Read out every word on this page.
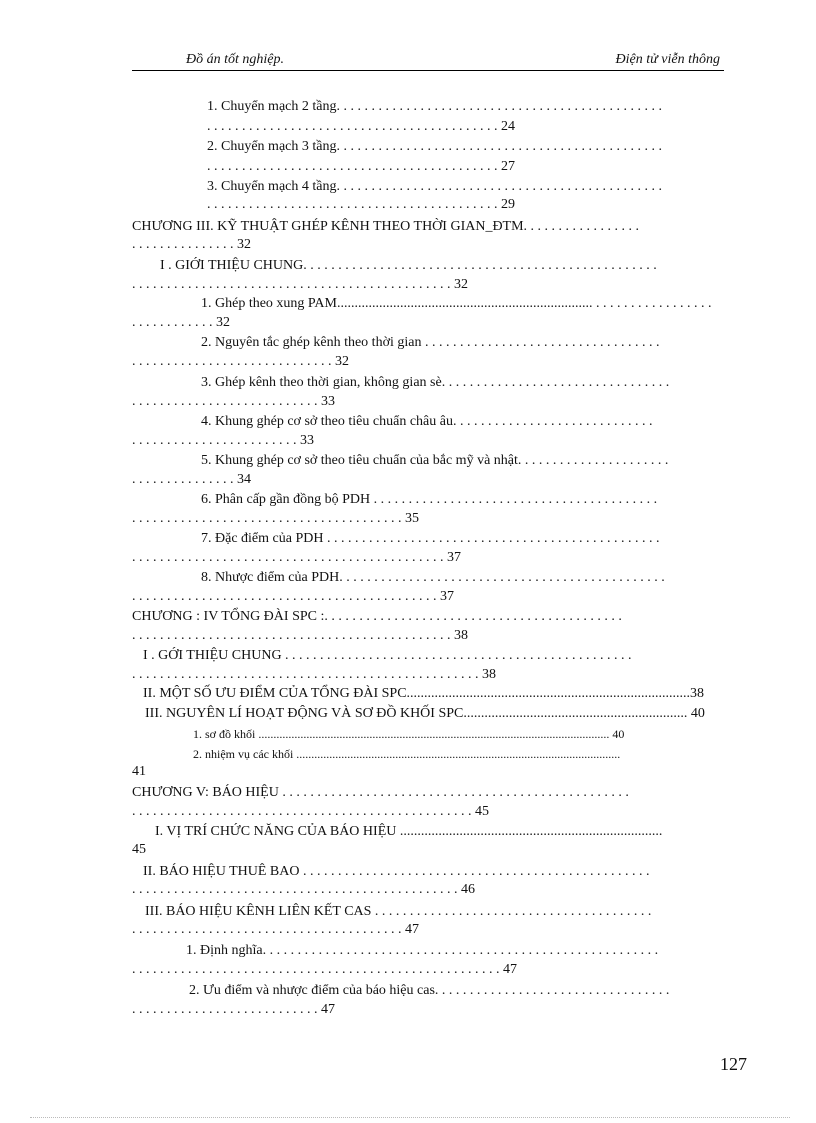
Đồ án tốt nghiệp.	Điện tử viễn thông
1. Chuyển mạch 2 tầng. . . . . . . . . . . . . . . . . . . . . . . . . . . . . . . . . . . . . . . . . . . . . . .
. . . . . . . . . . . . . . . . . . . . . . . . . . . . . . . . . . . . . . . . . . 24
2. Chuyển mạch 3 tầng. . . . . . . . . . . . . . . . . . . . . . . . . . . . . . . . . . . . . . . . . . . . . . .
. . . . . . . . . . . . . . . . . . . . . . . . . . . . . . . . . . . . . . . . . . 27
3. Chuyển mạch 4 tầng. . . . . . . . . . . . . . . . . . . . . . . . . . . . . . . . . . . . . . . . . . . . . . .
. . . . . . . . . . . . . . . . . . . . . . . . . . . . . . . . . . . . . . . . . . 29
CHƯƠNG III. KỸ THUẬT GHÉP KÊNH THEO THỜI GIAN_ĐTM. . . . . . . . . . . . . . . . .
. . . . . . . . . . . . . . . 32
I . GIỚI THIỆU CHUNG. . . . . . . . . . . . . . . . . . . . . . . . . . . . . . . . . . . . . . . . . . . . . . . . . . .
. . . . . . . . . . . . . . . . . . . . . . . . . . . . . . . . . . . . . . . . . . . . . . 32
1. Ghép theo xung PAM......................................................................... . . . . . . . . . . . . . . . . .
. . . . . . . . . . . . 32
2. Nguyên tắc ghép kênh theo thời gian . . . . . . . . . . . . . . . . . . . . . . . . . . . . . . . . . .
. . . . . . . . . . . . . . . . . . . . . . . . . . . . . 32
3. Ghép kênh theo thời gian, không gian sè. . . . . . . . . . . . . . . . . . . . . . . . . . . . . . . . .
. . . . . . . . . . . . . . . . . . . . . . . . . . . 33
4. Khung ghép cơ sở theo tiêu chuẩn châu âu. . . . . . . . . . . . . . . . . . . . . . . . . . . . .
. . . . . . . . . . . . . . . . . . . . . . . . 33
5. Khung ghép cơ sở theo tiêu chuẩn của bắc mỹ và nhật. . . . . . . . . . . . . . . . . . . . . .
. . . . . . . . . . . . . . . 34
6. Phân cấp gần đồng bộ PDH . . . . . . . . . . . . . . . . . . . . . . . . . . . . . . . . . . . . . . . . .
. . . . . . . . . . . . . . . . . . . . . . . . . . . . . . . . . . . . . . . 35
7. Đặc điểm của PDH . . . . . . . . . . . . . . . . . . . . . . . . . . . . . . . . . . . . . . . . . . . . . . . .
. . . . . . . . . . . . . . . . . . . . . . . . . . . . . . . . . . . . . . . . . . . . . 37
8. Nhược điểm của PDH. . . . . . . . . . . . . . . . . . . . . . . . . . . . . . . . . . . . . . . . . . . . . . .
. . . . . . . . . . . . . . . . . . . . . . . . . . . . . . . . . . . . . . . . . . . . 37
CHƯƠNG : IV TỔNG ĐÀI SPC :. . . . . . . . . . . . . . . . . . . . . . . . . . . . . . . . . . . . . . . . . . .
. . . . . . . . . . . . . . . . . . . . . . . . . . . . . . . . . . . . . . . . . . . . . . 38
I . GỚI THIỆU CHUNG . . . . . . . . . . . . . . . . . . . . . . . . . . . . . . . . . . . . . . . . . . . . . . . . . .
. . . . . . . . . . . . . . . . . . . . . . . . . . . . . . . . . . . . . . . . . . . . . . . . . . 38
II. MỘT SỐ ƯU ĐIỂM CỦA TỔNG ĐÀI SPC.................................................................................38
III. NGUYÊN LÍ HOẠT ĐỘNG VÀ SƠ ĐỒ KHỐI SPC................................................................ 40
1. sơ đồ khối ..................................................................................................................... 40
2. nhiệm vụ các khối ............................................................................................................
41
CHƯƠNG V: BÁO HIỆU . . . . . . . . . . . . . . . . . . . . . . . . . . . . . . . . . . . . . . . . . . . . . . . . . .
. . . . . . . . . . . . . . . . . . . . . . . . . . . . . . . . . . . . . . . . . . . . . . . . . 45
I. VỊ TRÍ CHỨC NĂNG CỦA BÁO HIỆU ...........................................................................
45
II. BÁO HIỆU THUÊ BAO . . . . . . . . . . . . . . . . . . . . . . . . . . . . . . . . . . . . . . . . . . . . . . . . . .
. . . . . . . . . . . . . . . . . . . . . . . . . . . . . . . . . . . . . . . . . . . . . . . 46
III. BÁO HIỆU KÊNH LIÊN KẾT CAS . . . . . . . . . . . . . . . . . . . . . . . . . . . . . . . . . . . . . . . .
. . . . . . . . . . . . . . . . . . . . . . . . . . . . . . . . . . . . . . . 47
1. Định nghĩa. . . . . . . . . . . . . . . . . . . . . . . . . . . . . . . . . . . . . . . . . . . . . . . . . . . . . . . . .
. . . . . . . . . . . . . . . . . . . . . . . . . . . . . . . . . . . . . . . . . . . . . . . . . . . . . 47
2. Ưu điểm và nhược điểm của báo hiệu cas. . . . . . . . . . . . . . . . . . . . . . . . . . . . . . . . . .
. . . . . . . . . . . . . . . . . . . . . . . . . . . 47
127
